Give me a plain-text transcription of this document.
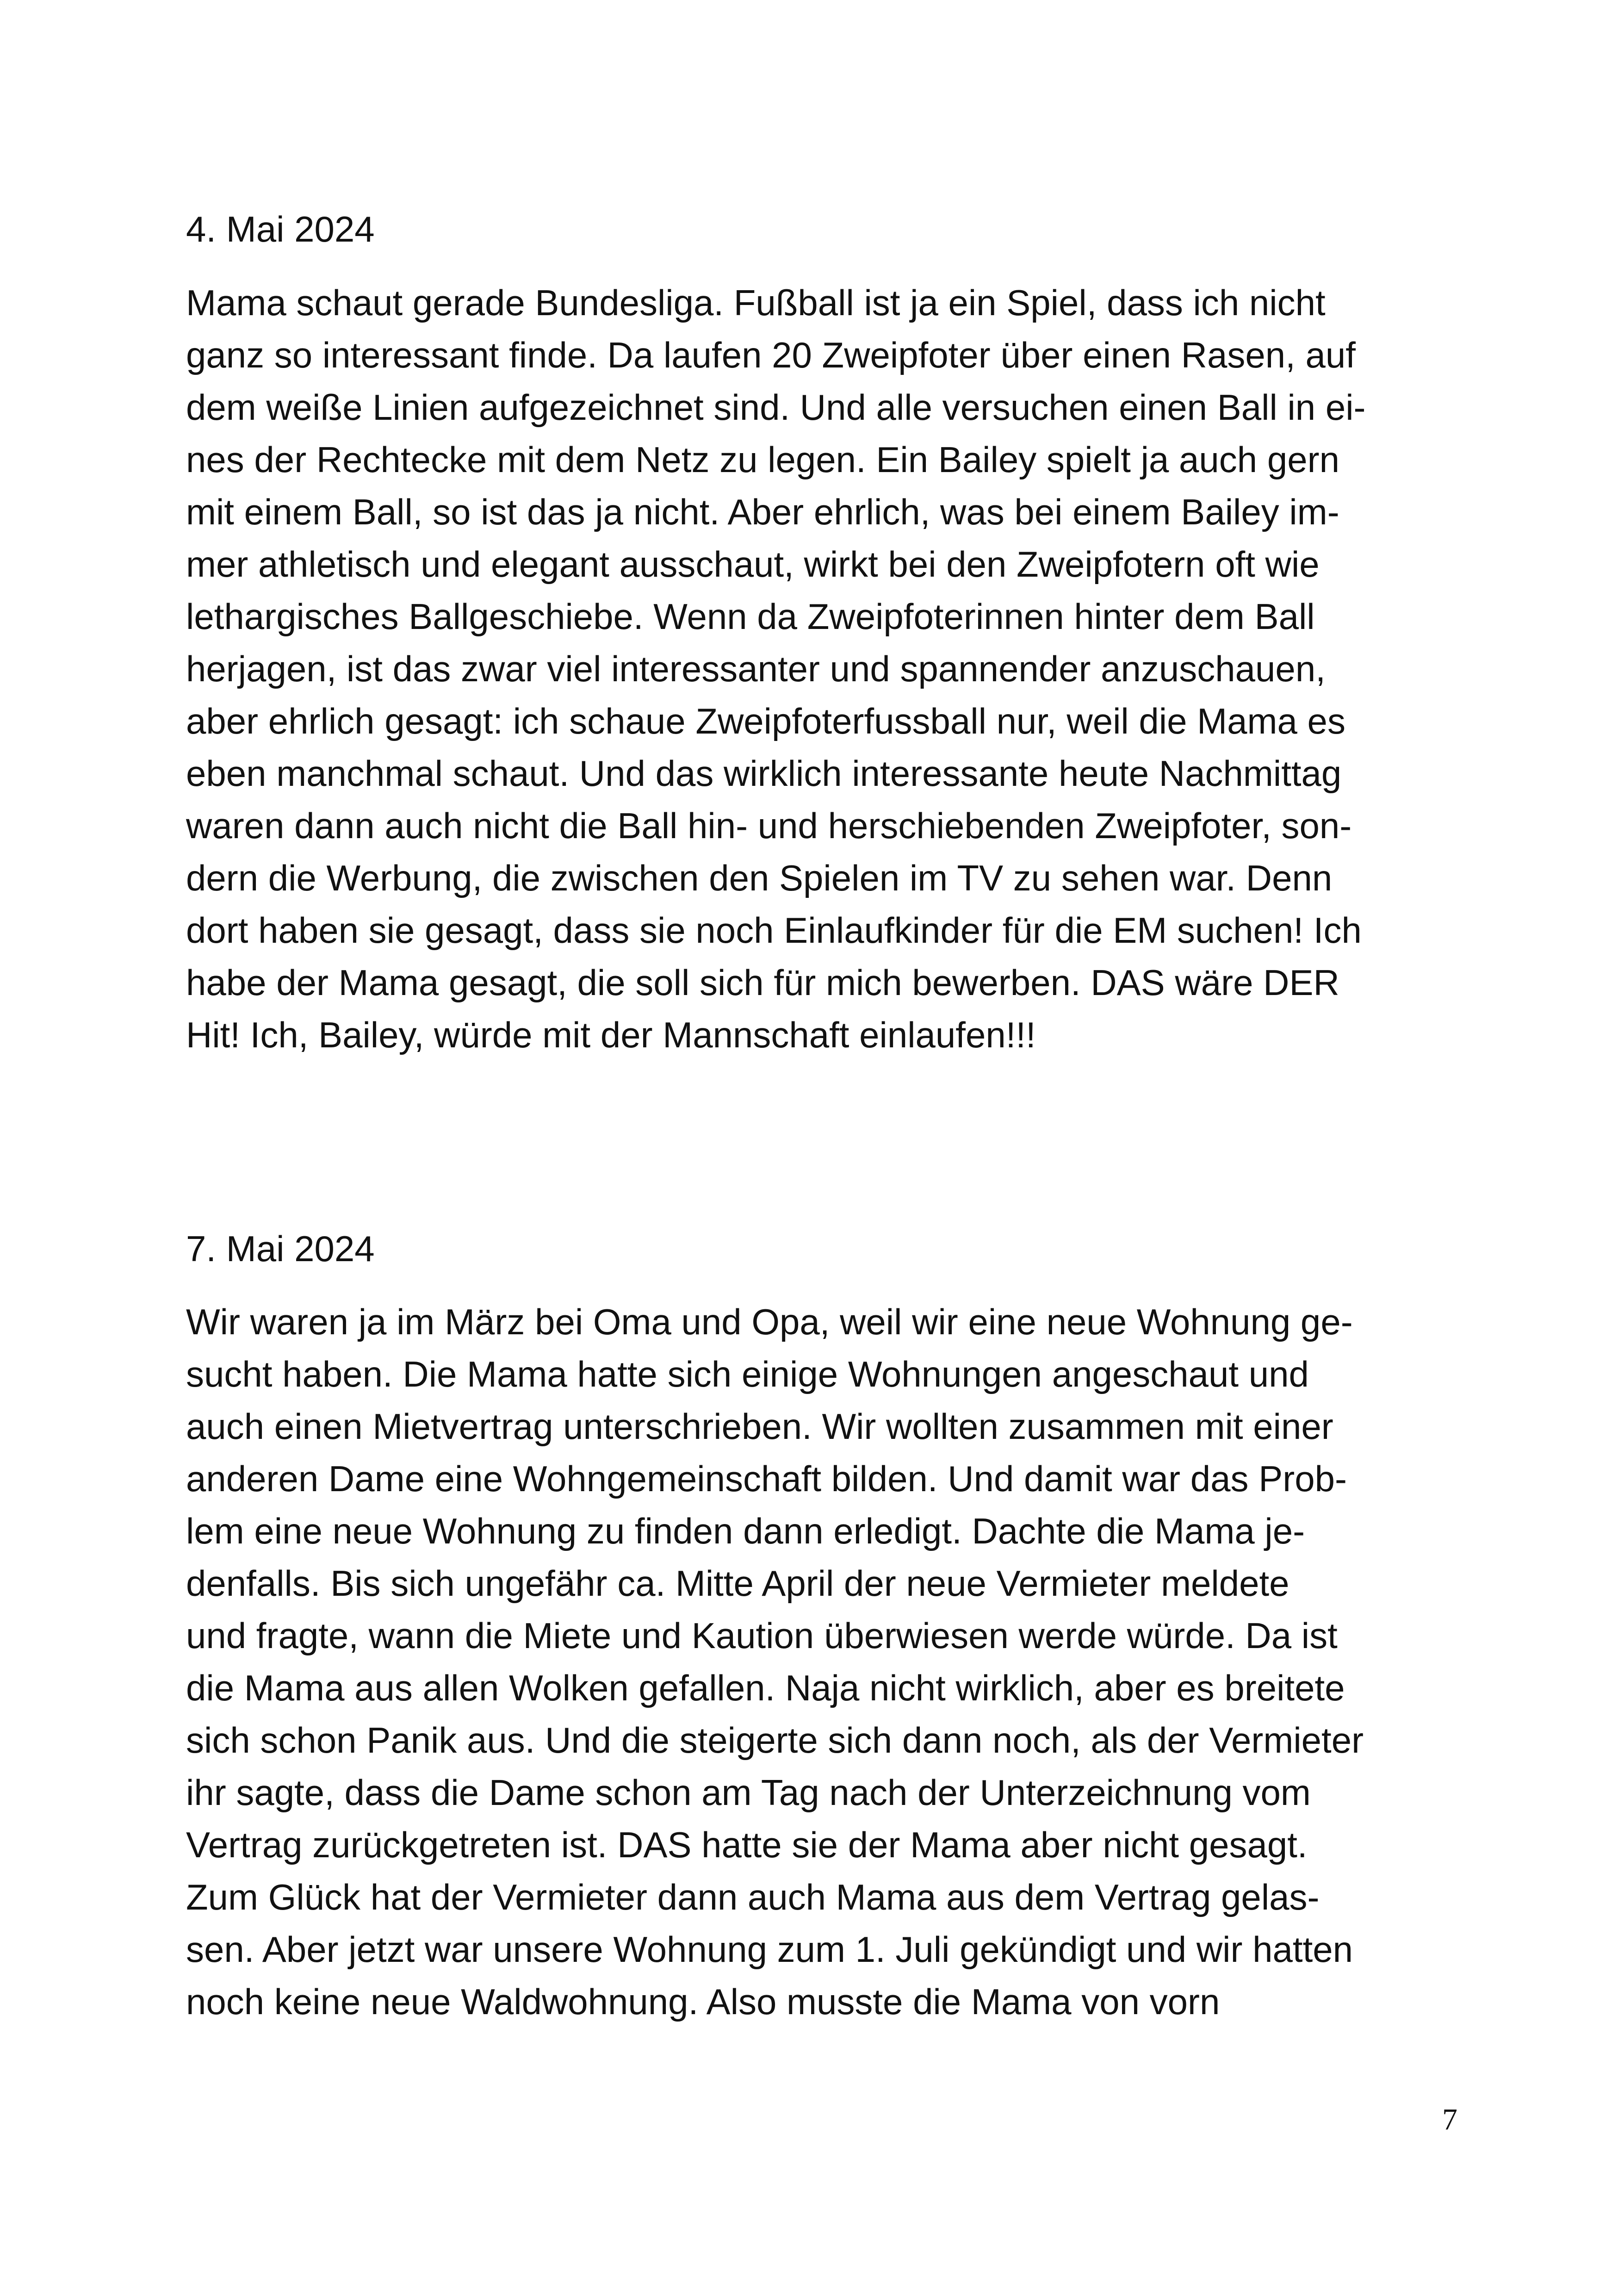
4. Mai 2024
Mama schaut gerade Bundesliga. Fußball ist ja ein Spiel, dass ich nicht
ganz so interessant finde. Da laufen 20 Zweipfoter über einen Rasen, auf
dem weiße Linien aufgezeichnet sind. Und alle versuchen einen Ball in ei-
nes der Rechtecke mit dem Netz zu legen. Ein Bailey spielt ja auch gern
mit einem Ball, so ist das ja nicht. Aber ehrlich, was bei einem Bailey im-
mer athletisch und elegant ausschaut, wirkt bei den Zweipfotern oft wie
lethargisches Ballgeschiebe. Wenn da Zweipfoterinnen hinter dem Ball
herjagen, ist das zwar viel interessanter und spannender anzuschauen,
aber ehrlich gesagt: ich schaue Zweipfoterfussball nur, weil die Mama es
eben manchmal schaut. Und das wirklich interessante heute Nachmittag
waren dann auch nicht die Ball hin- und herschiebenden Zweipfoter, son-
dern die Werbung, die zwischen den Spielen im TV zu sehen war. Denn
dort haben sie gesagt, dass sie noch Einlaufkinder für die EM suchen! Ich
habe der Mama gesagt, die soll sich für mich bewerben. DAS wäre DER
Hit! Ich, Bailey, würde mit der Mannschaft einlaufen!!!
7. Mai 2024
Wir waren ja im März bei Oma und Opa, weil wir eine neue Wohnung ge-
sucht haben. Die Mama hatte sich einige Wohnungen angeschaut und
auch einen Mietvertrag unterschrieben. Wir wollten zusammen mit einer
anderen Dame eine Wohngemeinschaft bilden. Und damit war das Prob-
lem eine neue Wohnung zu finden dann erledigt. Dachte die Mama je-
denfalls. Bis sich ungefähr ca. Mitte April der neue Vermieter meldete
und fragte, wann die Miete und Kaution überwiesen werde würde. Da ist
die Mama aus allen Wolken gefallen. Naja nicht wirklich, aber es breitete
sich schon Panik aus. Und die steigerte sich dann noch, als der Vermieter
ihr sagte, dass die Dame schon am Tag nach der Unterzeichnung vom
Vertrag zurückgetreten ist. DAS hatte sie der Mama aber nicht gesagt.
Zum Glück hat der Vermieter dann auch Mama aus dem Vertrag gelas-
sen. Aber jetzt war unsere Wohnung zum 1. Juli gekündigt und wir hatten
noch keine neue Waldwohnung. Also musste die Mama von vorn
7
